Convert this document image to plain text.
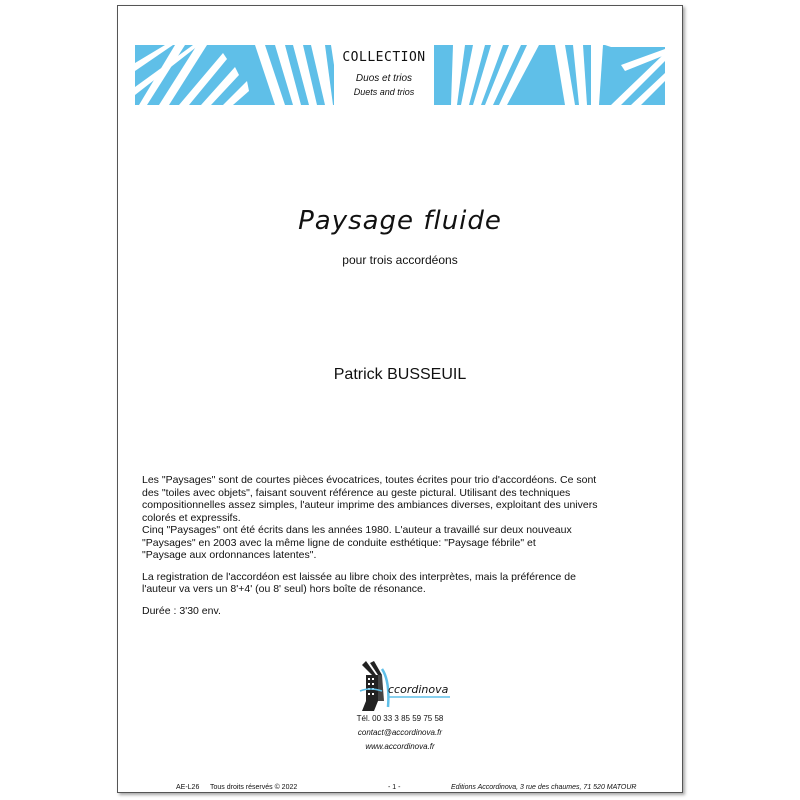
COLLECTION
Duos et trios
Duets and trios
Paysage fluide
pour trois accordéons
Patrick BUSSEUIL

Les "Paysages" sont de courtes pièces évocatrices, toutes écrites pour trio d'accordéons. Ce sont
des "toiles avec objets", faisant souvent référence au geste pictural. Utilisant des techniques
compositionnelles assez simples, l'auteur imprime des ambiances diverses, exploitant des univers
colorés et expressifs.
Cinq "Paysages" ont été écrits dans les années 1980. L'auteur a travaillé sur deux nouveaux
"Paysages" en 2003 avec la même ligne de conduite esthétique: "Paysage fébrile" et
"Paysage aux ordonnances latentes".

La registration de l'accordéon est laissée au libre choix des interprètes, mais la préférence de
l'auteur va vers un 8'+4' (ou 8' seul) hors boîte de résonance.

Durée : 3'30 env.

ccordinova
Tél. 00 33 3 85 59 75 58
contact@accordinova.fr
www.accordinova.fr
AE-L26 Tous droits réservés © 2022	- 1 -	Editions Accordinova, 3 rue des chaumes, 71 520 MATOUR
